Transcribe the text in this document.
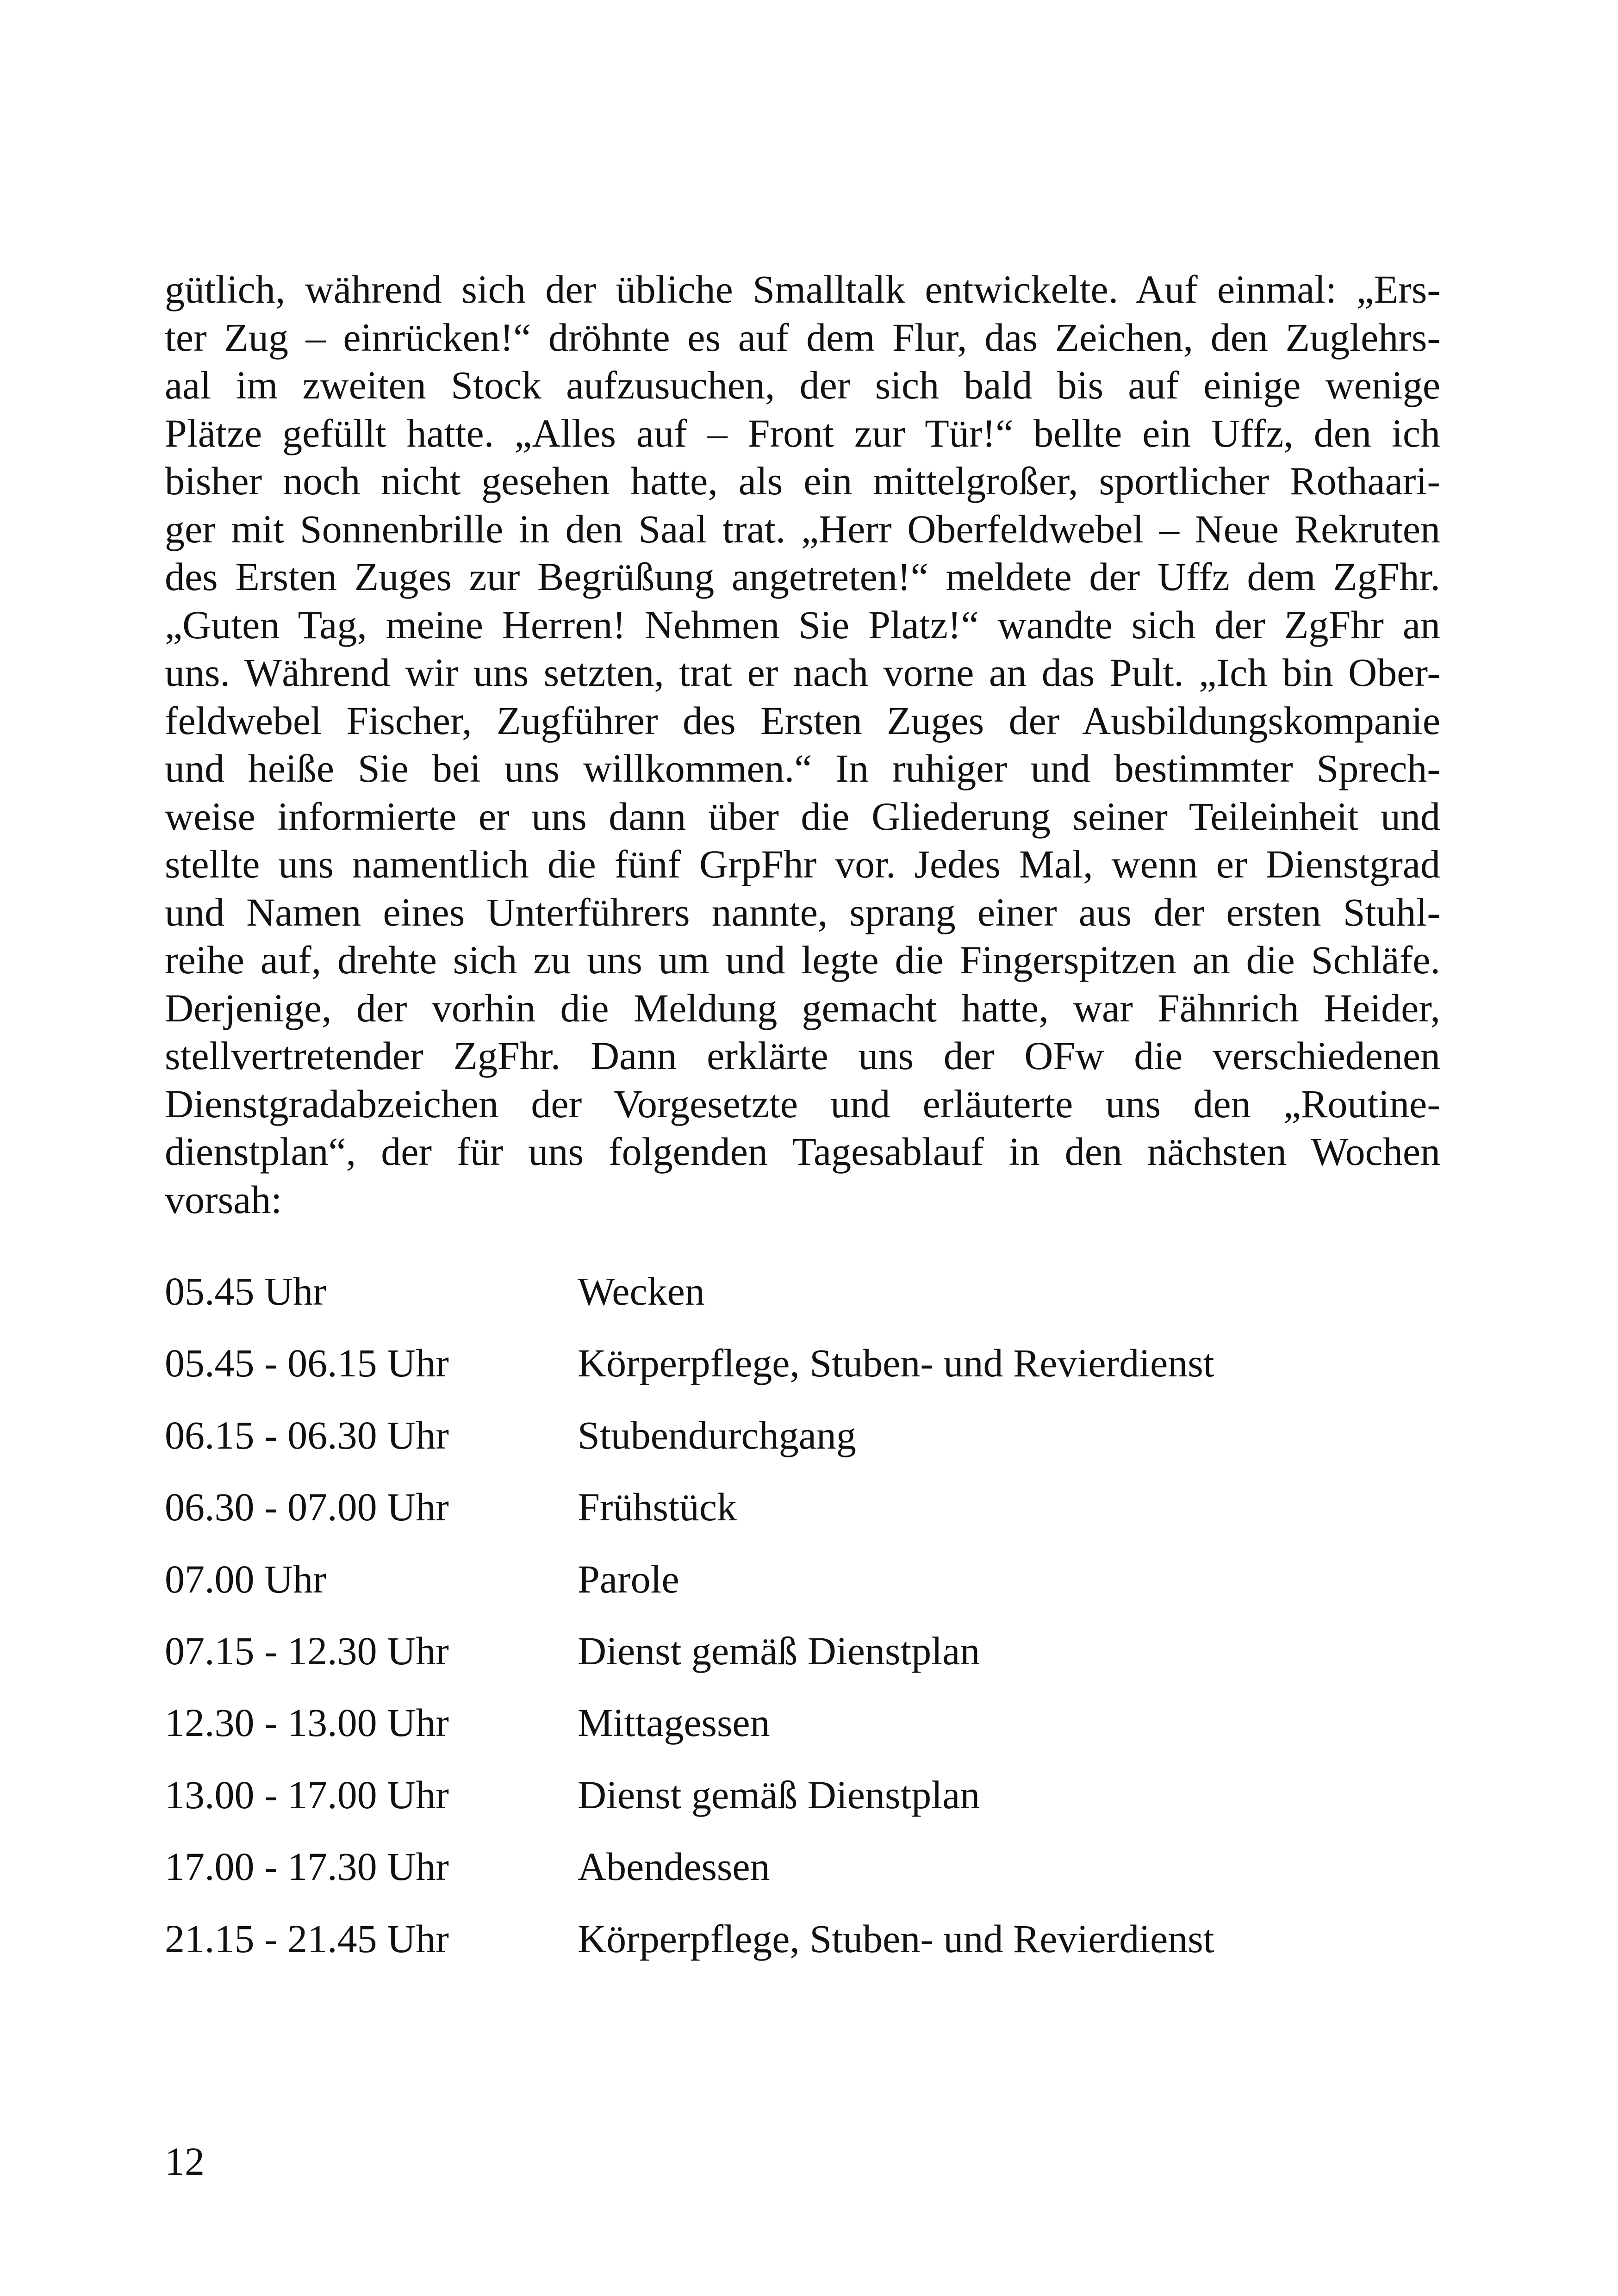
gütlich, während sich der übliche Smalltalk entwickelte. Auf einmal: „Ers-
ter Zug – einrücken!“ dröhnte es auf dem Flur, das Zeichen, den Zuglehrs-
aal im zweiten Stock aufzusuchen, der sich bald bis auf einige wenige
Plätze gefüllt hatte. „Alles auf – Front zur Tür!“ bellte ein Uffz, den ich
bisher noch nicht gesehen hatte, als ein mittelgroßer, sportlicher Rothaari-
ger mit Sonnenbrille in den Saal trat. „Herr Oberfeldwebel – Neue Rekruten
des Ersten Zuges zur Begrüßung angetreten!“ meldete der Uffz dem ZgFhr.
„Guten Tag, meine Herren! Nehmen Sie Platz!“ wandte sich der ZgFhr an
uns. Während wir uns setzten, trat er nach vorne an das Pult. „Ich bin Ober-
feldwebel Fischer, Zugführer des Ersten Zuges der Ausbildungskompanie
und heiße Sie bei uns willkommen.“ In ruhiger und bestimmter Sprech-
weise informierte er uns dann über die Gliederung seiner Teileinheit und
stellte uns namentlich die fünf GrpFhr vor. Jedes Mal, wenn er Dienstgrad
und Namen eines Unterführers nannte, sprang einer aus der ersten Stuhl-
reihe auf, drehte sich zu uns um und legte die Fingerspitzen an die Schläfe.
Derjenige, der vorhin die Meldung gemacht hatte, war Fähnrich Heider,
stellvertretender ZgFhr. Dann erklärte uns der OFw die verschiedenen
Dienstgradabzeichen der Vorgesetzte und erläuterte uns den „Routine-
dienstplan“, der für uns folgenden Tagesablauf in den nächsten Wochen
vorsah:
05.45 Uhr	Wecken
05.45 - 06.15 Uhr	Körperpflege, Stuben- und Revierdienst
06.15 - 06.30 Uhr	Stubendurchgang
06.30 - 07.00 Uhr	Frühstück
07.00 Uhr	Parole
07.15 - 12.30 Uhr	Dienst gemäß Dienstplan
12.30 - 13.00 Uhr	Mittagessen
13.00 - 17.00 Uhr	Dienst gemäß Dienstplan
17.00 - 17.30 Uhr	Abendessen
21.15 - 21.45 Uhr	Körperpflege, Stuben- und Revierdienst
12
